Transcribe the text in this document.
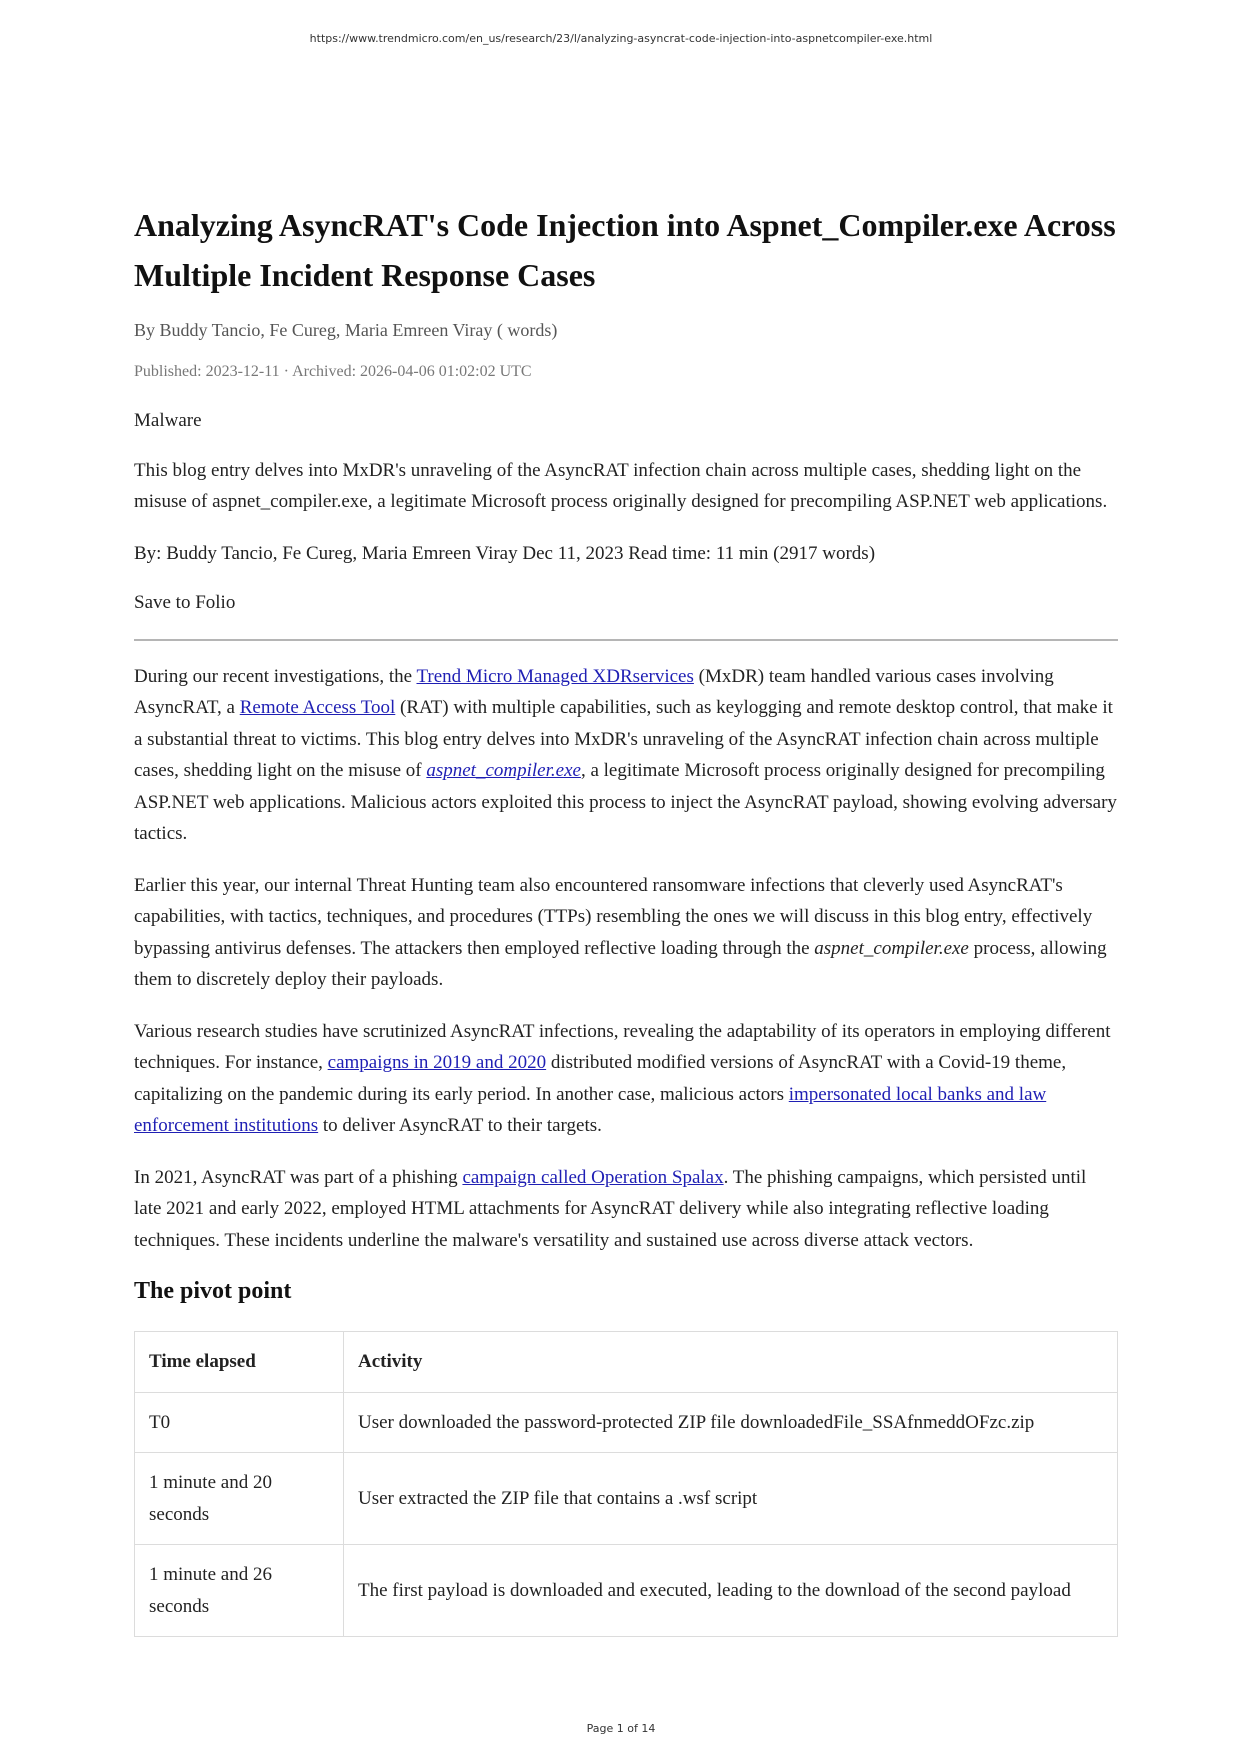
https://www.trendmicro.com/en_us/research/23/l/analyzing-asyncrat-code-injection-into-aspnetcompiler-exe.html
Analyzing AsyncRAT's Code Injection into Aspnet_Compiler.exe Across Multiple Incident Response Cases
By Buddy Tancio, Fe Cureg, Maria Emreen Viray ( words)
Published: 2023-12-11 · Archived: 2026-04-06 01:02:02 UTC

Malware

This blog entry delves into MxDR's unraveling of the AsyncRAT infection chain across multiple cases, shedding light on the misuse of aspnet_compiler.exe, a legitimate Microsoft process originally designed for precompiling ASP.NET web applications.

By: Buddy Tancio, Fe Cureg, Maria Emreen Viray Dec 11, 2023 Read time: 11 min (2917 words)

Save to Folio

During our recent investigations, the Trend Micro Managed XDRservices (MxDR) team handled various cases involving AsyncRAT, a Remote Access Tool (RAT) with multiple capabilities, such as keylogging and remote desktop control, that make it a substantial threat to victims. This blog entry delves into MxDR's unraveling of the AsyncRAT infection chain across multiple cases, shedding light on the misuse of aspnet_compiler.exe, a legitimate Microsoft process originally designed for precompiling ASP.NET web applications. Malicious actors exploited this process to inject the AsyncRAT payload, showing evolving adversary tactics.

Earlier this year, our internal Threat Hunting team also encountered ransomware infections that cleverly used AsyncRAT's capabilities, with tactics, techniques, and procedures (TTPs) resembling the ones we will discuss in this blog entry, effectively bypassing antivirus defenses. The attackers then employed reflective loading through the aspnet_compiler.exe process, allowing them to discretely deploy their payloads.

Various research studies have scrutinized AsyncRAT infections, revealing the adaptability of its operators in employing different techniques. For instance, campaigns in 2019 and 2020 distributed modified versions of AsyncRAT with a Covid-19 theme, capitalizing on the pandemic during its early period. In another case, malicious actors impersonated local banks and law enforcement institutions to deliver AsyncRAT to their targets.

In 2021, AsyncRAT was part of a phishing campaign called Operation Spalax. The phishing campaigns, which persisted until late 2021 and early 2022, employed HTML attachments for AsyncRAT delivery while also integrating reflective loading techniques. These incidents underline the malware's versatility and sustained use across diverse attack vectors.

The pivot point
Time elapsed	Activity
T0	User downloaded the password-protected ZIP file downloadedFile_SSAfnmeddOFzc.zip
1 minute and 20 seconds	User extracted the ZIP file that contains a .wsf script
1 minute and 26 seconds	The first payload is downloaded and executed, leading to the download of the second payload
Page 1 of 14
